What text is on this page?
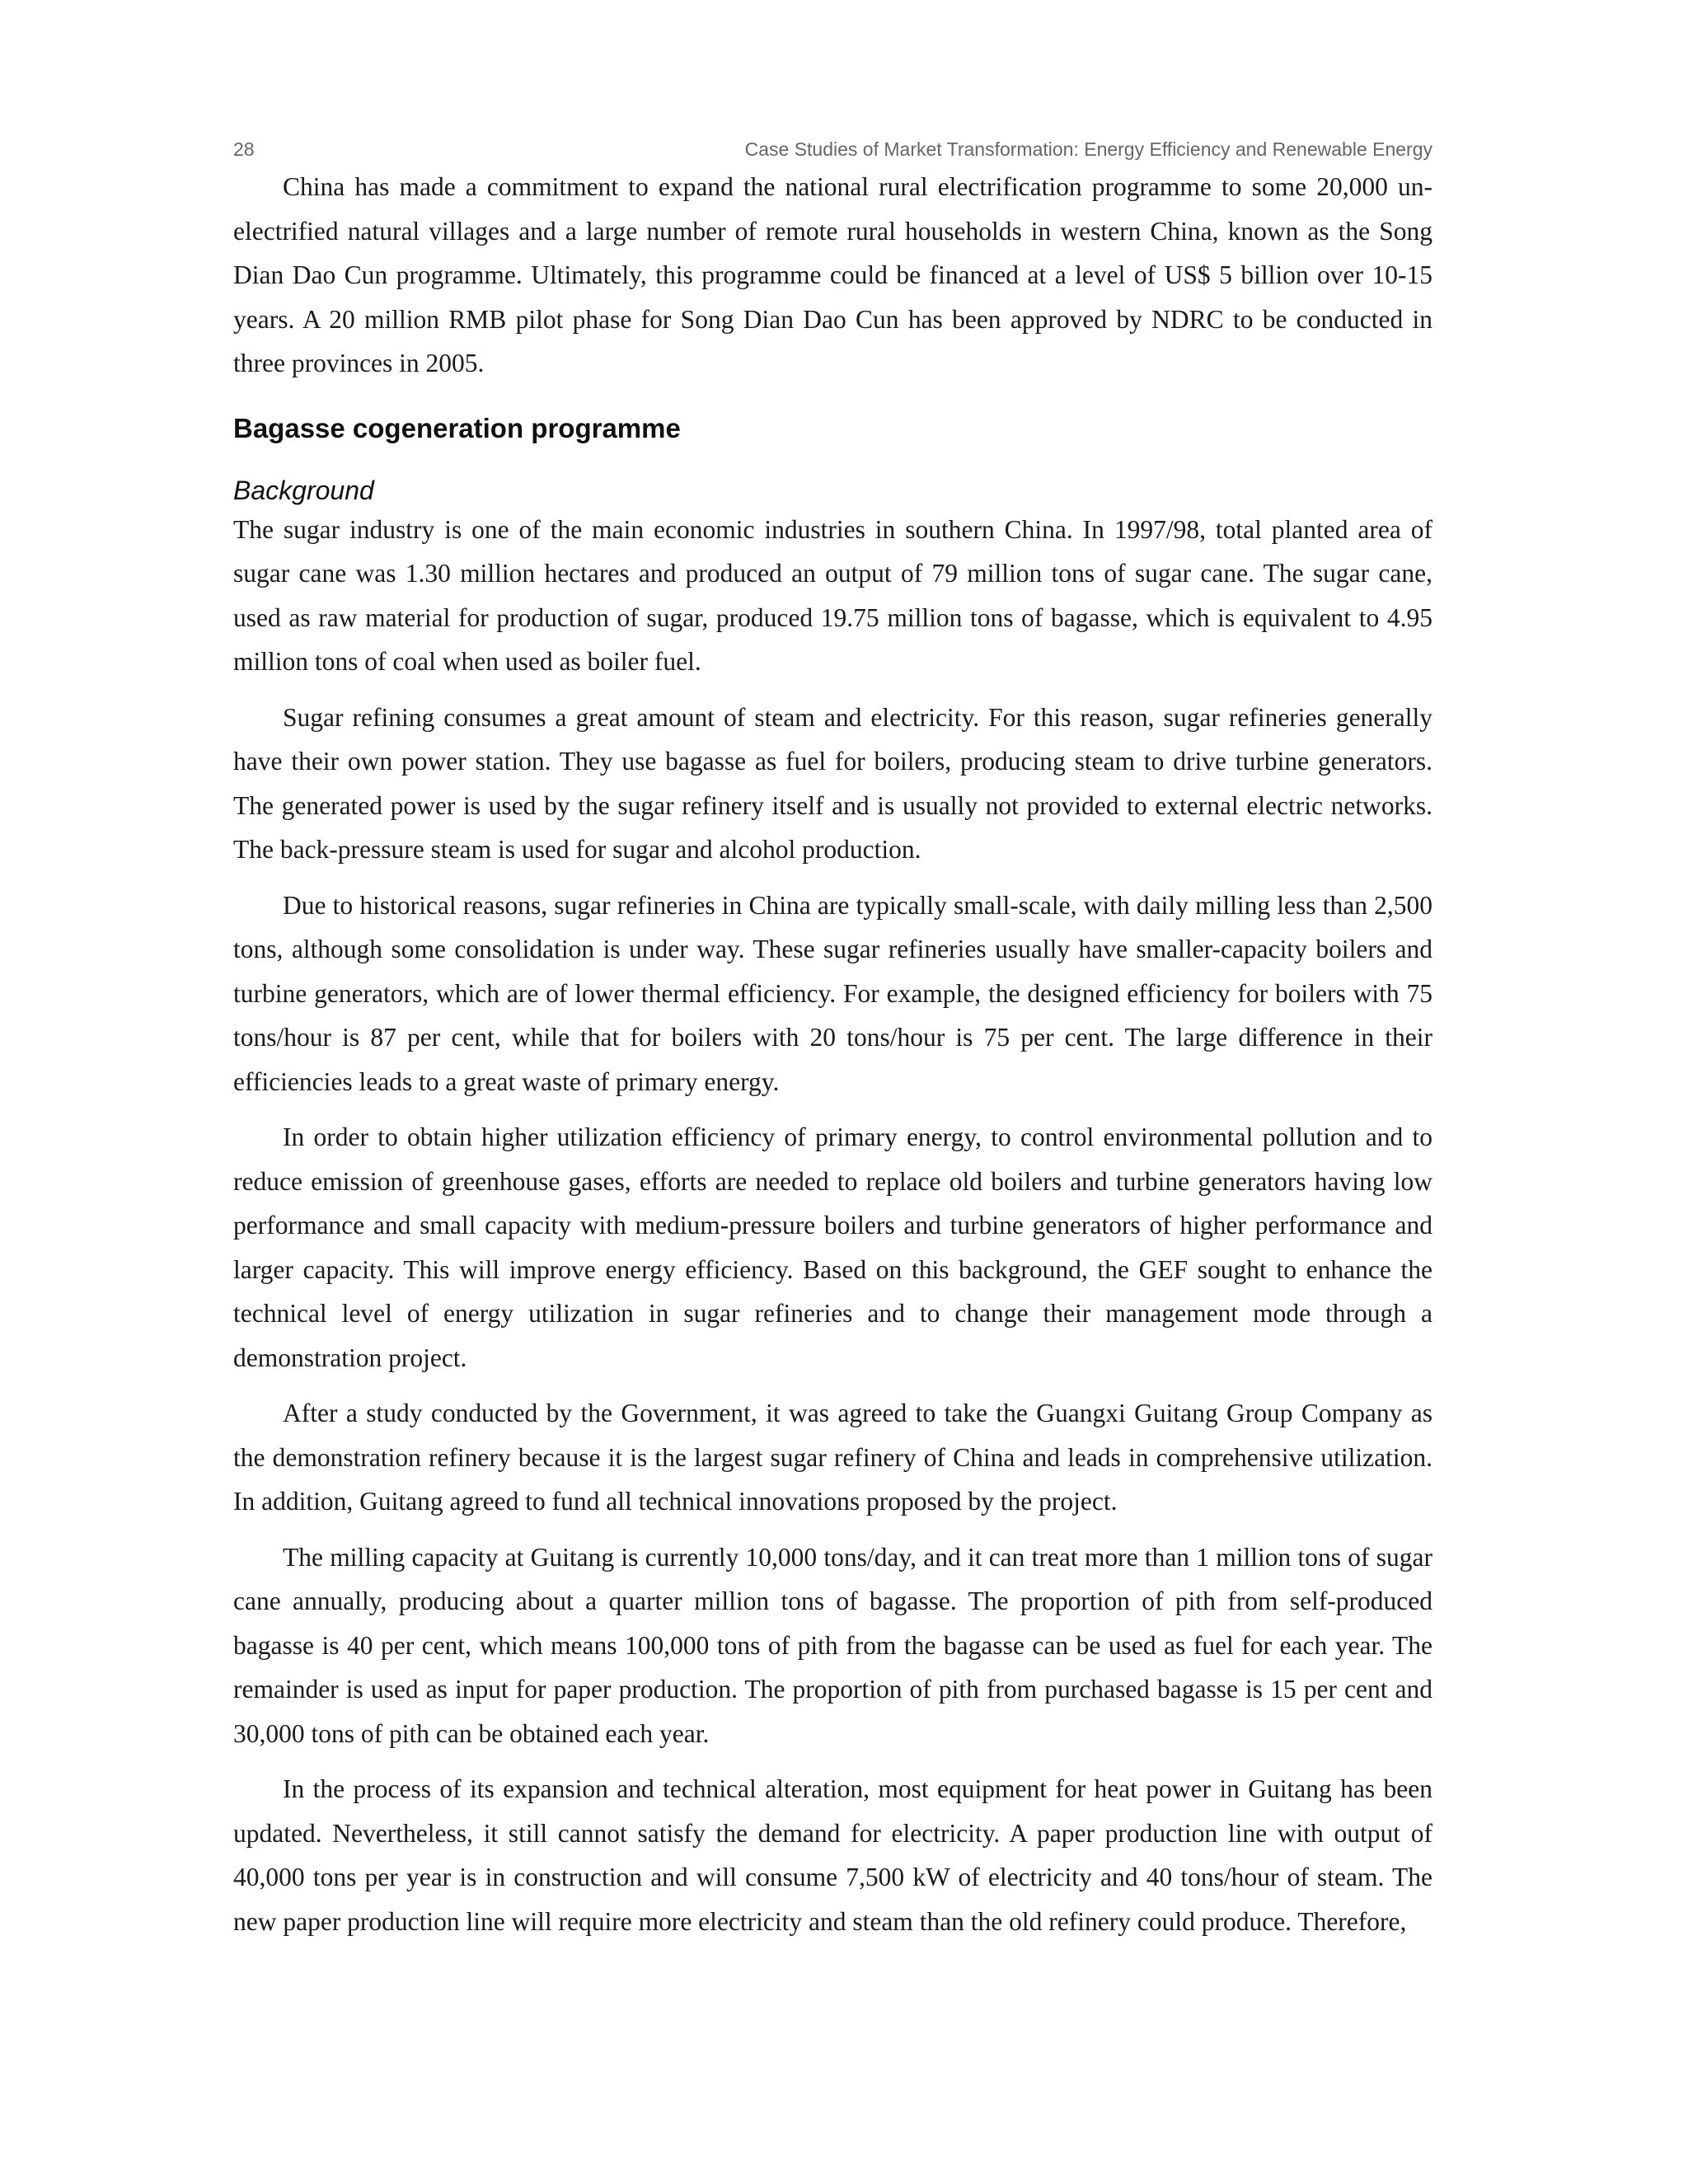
28	Case Studies of Market Transformation: Energy Efficiency and Renewable Energy

China has made a commitment to expand the national rural electrification programme to some 20,000 unelectrified natural villages and a large number of remote rural households in western China, known as the Song Dian Dao Cun programme. Ultimately, this programme could be financed at a level of US$ 5 billion over 10-15 years. A 20 million RMB pilot phase for Song Dian Dao Cun has been approved by NDRC to be conducted in three provinces in 2005.

Bagasse cogeneration programme
Background

The sugar industry is one of the main economic industries in southern China. In 1997/98, total planted area of sugar cane was 1.30 million hectares and produced an output of 79 million tons of sugar cane. The sugar cane, used as raw material for production of sugar, produced 19.75 million tons of bagasse, which is equivalent to 4.95 million tons of coal when used as boiler fuel.

Sugar refining consumes a great amount of steam and electricity. For this reason, sugar refineries generally have their own power station. They use bagasse as fuel for boilers, producing steam to drive turbine generators. The generated power is used by the sugar refinery itself and is usually not provided to external electric networks. The back-pressure steam is used for sugar and alcohol production.

Due to historical reasons, sugar refineries in China are typically small-scale, with daily milling less than 2,500 tons, although some consolidation is under way. These sugar refineries usually have smaller-capacity boilers and turbine generators, which are of lower thermal efficiency. For example, the designed efficiency for boilers with 75 tons/hour is 87 per cent, while that for boilers with 20 tons/hour is 75 per cent. The large difference in their efficiencies leads to a great waste of primary energy.

In order to obtain higher utilization efficiency of primary energy, to control environmental pollution and to reduce emission of greenhouse gases, efforts are needed to replace old boilers and turbine generators having low performance and small capacity with medium-pressure boilers and turbine generators of higher performance and larger capacity. This will improve energy efficiency. Based on this background, the GEF sought to enhance the technical level of energy utilization in sugar refineries and to change their management mode through a demonstration project.

After a study conducted by the Government, it was agreed to take the Guangxi Guitang Group Company as the demonstration refinery because it is the largest sugar refinery of China and leads in comprehensive utilization. In addition, Guitang agreed to fund all technical innovations proposed by the project.

The milling capacity at Guitang is currently 10,000 tons/day, and it can treat more than 1 million tons of sugar cane annually, producing about a quarter million tons of bagasse. The proportion of pith from self-produced bagasse is 40 per cent, which means 100,000 tons of pith from the bagasse can be used as fuel for each year. The remainder is used as input for paper production. The proportion of pith from purchased bagasse is 15 per cent and 30,000 tons of pith can be obtained each year.

In the process of its expansion and technical alteration, most equipment for heat power in Guitang has been updated. Nevertheless, it still cannot satisfy the demand for electricity. A paper production line with output of 40,000 tons per year is in construction and will consume 7,500 kW of electricity and 40 tons/hour of steam. The new paper production line will require more electricity and steam than the old refinery could produce. Therefore,
